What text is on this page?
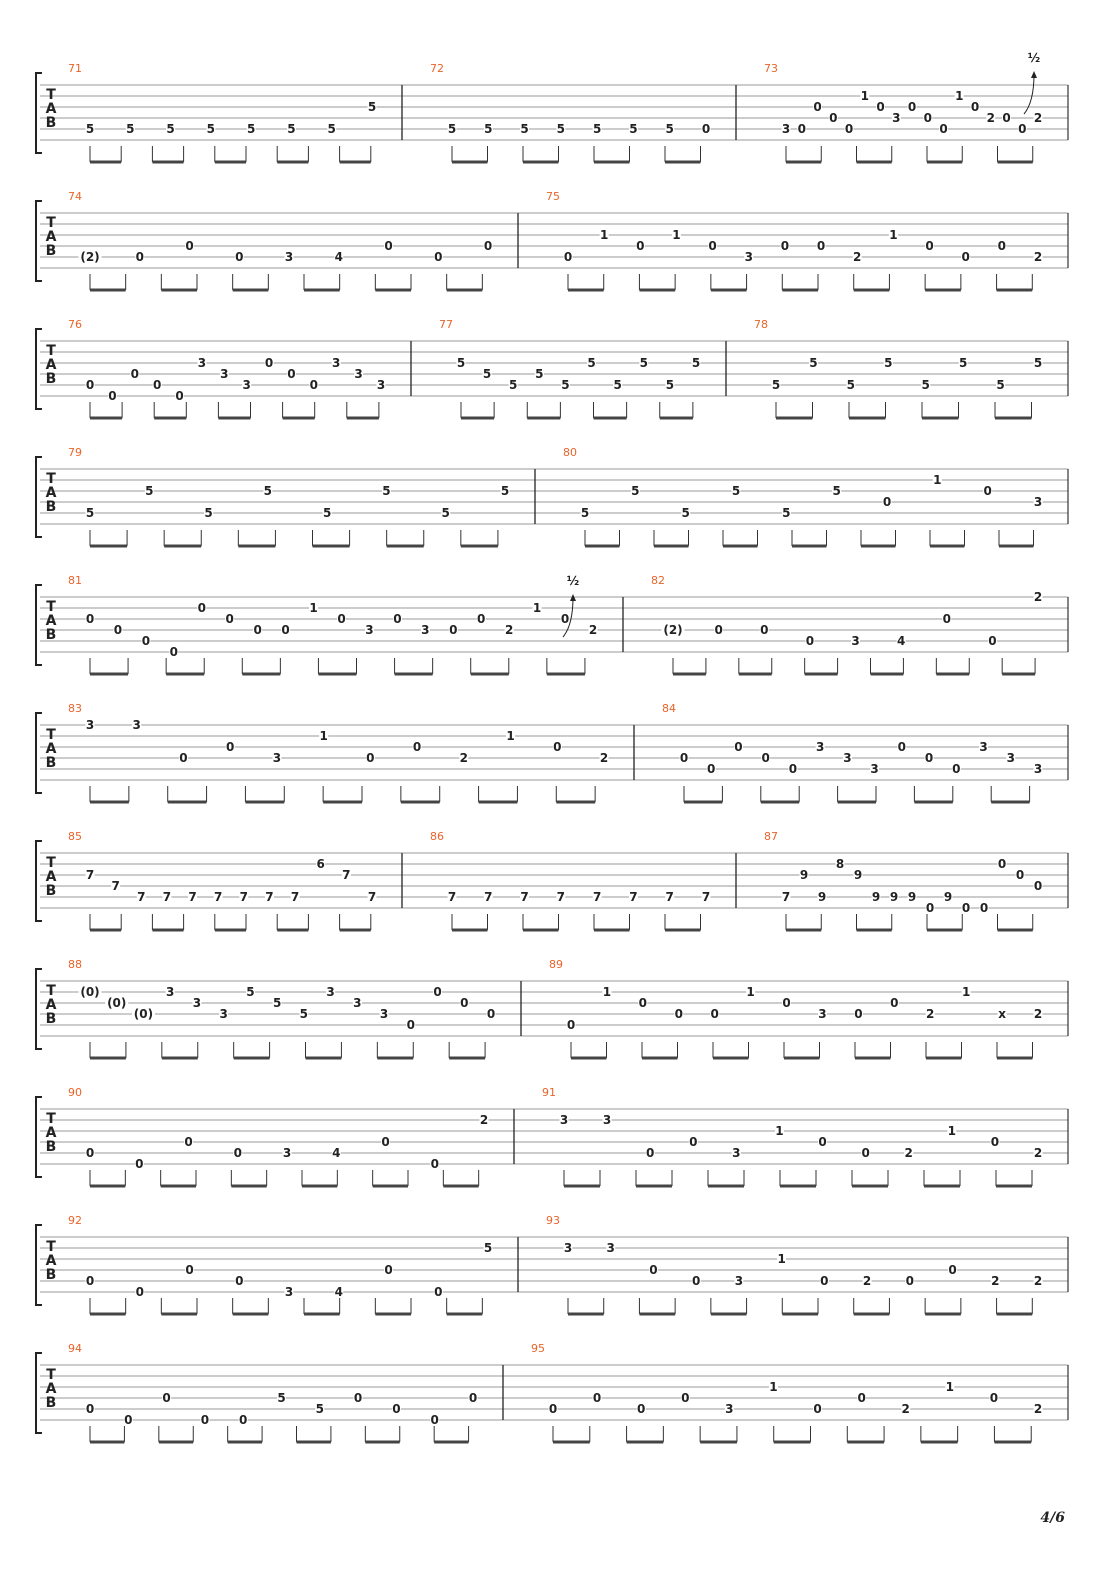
T
A
B
71
5	5	5	5	5	5	5
5
72
5 5 5 5 5 5 5 0
73
3 0
0
0
0
1
0
3
0
0
0
1
0
2 0
0
2
T
A
B
74
(2)	0
0
0	3	4
0
0
0
75
0
1
0
1
0
3
0 0
2
1
0
0
0
2
T
A
B
76
0
0
0
0
0
3
3
3
0
0
0
3
3
3
77
5
5
5
5
5
5
5
5
5
5
78
5
5
5
5
5
5
5
5
T
A
B
79
5
5
5
5
5
5
5
5
80
5
5
5
5
5
5
0
1
0
3
T
A
B
81
0
0
0
0
0
0
0 0
1
0
3
0
3 0
0
2
1
0
2
82
(2)	0	0
0	3	4
0
0
2
T
A
B
83
3	3
0
0
3
1
0
0
2
1
0
2
84
0
0
0
0
0
3
3
3
0
0
0
3
3
3
T
A
B
85
7
7
7 7 7 7 7 7 7
6
7
7
86
7 7 7 7 7 7 7 7
87
7
9
9
8
9
9 9 9
0
9
0 0
0
0
0
T
A
B
88
(0)
(0)
(0)
3
3
3
5
5
5
3
3
3
0
0
0
0
89
0
1
0
0 0
1
0
3 0
0
2
1
x 2
T
A
B
90
0
0
0
0	3	4
0
0
2
91
3	3
0
0
3
1
0
0	2
1
0
2
T
A
B
92
0
0
0
0
3	4
0
0
5
93
3	3
0
0	3
1
0	2	0
0
2	2
T
A
B
94
0
0
0
0 0
5
5
0
0
0
0
95
0
0
0
0
3
1
0
0
2
1
0
2
½
½
4/6
